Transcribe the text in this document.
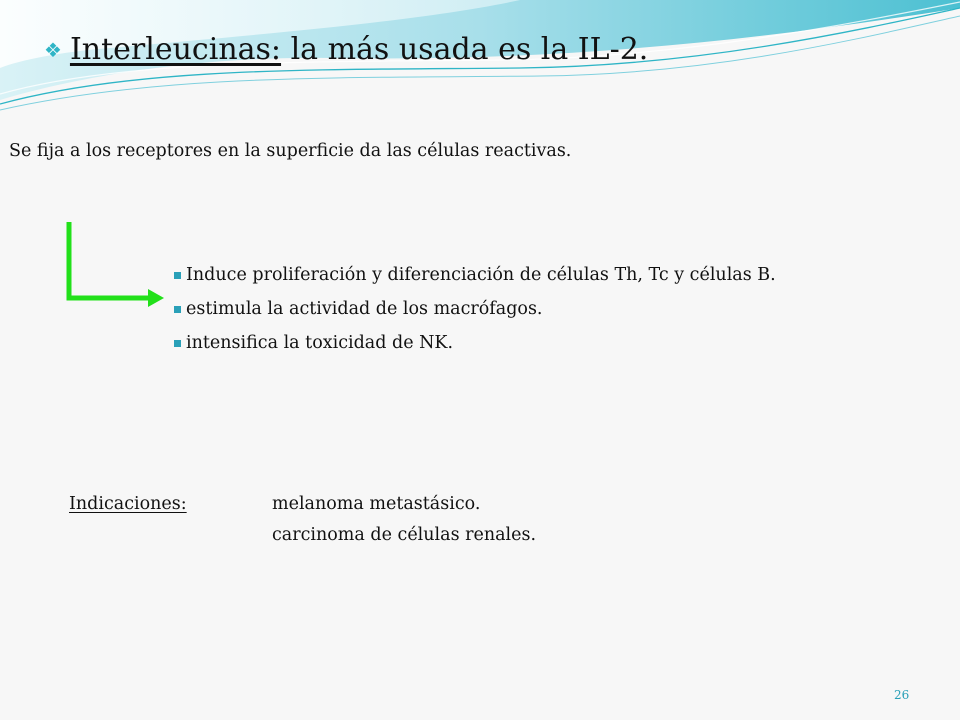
❖ Interleucinas: la más usada es la IL-2.
Se fija a los receptores en la superficie da las células reactivas.
Induce proliferación y diferenciación de células Th, Tc y células B.
estimula la actividad de los macrófagos.
intensifica la toxicidad de NK.
Indicaciones:	melanoma metastásico.
carcinoma de células renales.
26
